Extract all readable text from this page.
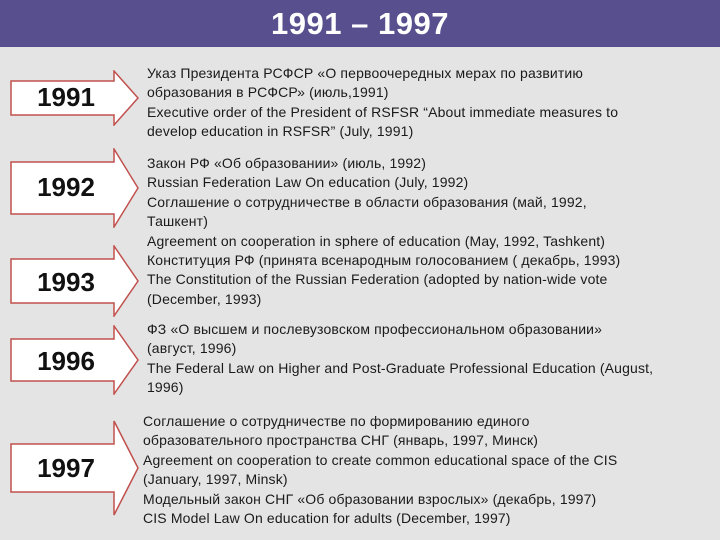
1991 – 1997
1991
1992
1993
1996
1997
Указ Президента РСФСР «О первоочередных мерах по развитию
образования в РСФСР» (июль,1991)
Executive order of the President of RSFSR “About immediate measures to
develop education in RSFSR” (July, 1991)
Закон РФ «Об образовании» (июль, 1992)
Russian Federation Law On education (July, 1992)
Соглашение о сотрудничестве в области образования (май, 1992,
Ташкент)
Agreement on cooperation in sphere of education (May, 1992, Tashkent)
Конституция РФ (принята всенародным голосованием ( декабрь, 1993)
The Constitution of the Russian Federation (adopted by nation-wide vote
(December, 1993)
ФЗ «О высшем и послевузовском профессиональном образовании»
(август, 1996)
The Federal Law on Higher and Post-Graduate Professional Education (August,
1996)
Соглашение о сотрудничестве по формированию единого
образовательного пространства СНГ (январь, 1997, Минск)
Agreement on cooperation to create common educational space of the CIS
(January, 1997, Minsk)
Модельный закон СНГ «Об образовании взрослых» (декабрь, 1997)
CIS Model Law On education for adults (December, 1997)
